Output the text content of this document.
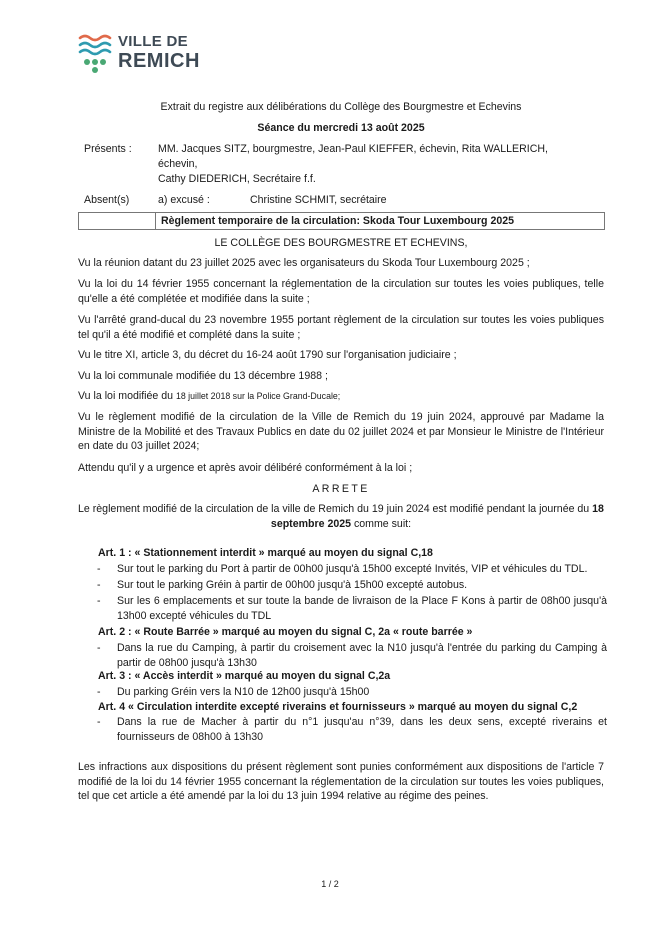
VILLE DE
REMICH
Extrait du registre aux délibérations du Collège des Bourgmestre et Echevins
Séance du mercredi 13 août 2025
Présents : MM. Jacques SITZ, bourgmestre, Jean-Paul KIEFFER, échevin, Rita WALLERICH,
échevin,
Cathy DIEDERICH, Secrétaire f.f.
Absent(s)	a) excusé :	Christine SCHMIT, secrétaire
Règlement temporaire de la circulation: Skoda Tour Luxembourg 2025
LE COLLÈGE DES BOURGMESTRE ET ECHEVINS,
Vu la réunion datant du 23 juillet 2025 avec les organisateurs du Skoda Tour Luxembourg 2025 ;
Vu la loi du 14 février 1955 concernant la réglementation de la circulation sur toutes les voies publiques, telle qu'elle a été complétée et modifiée dans la suite ;
Vu l'arrêté grand-ducal du 23 novembre 1955 portant règlement de la circulation sur toutes les voies publiques tel qu'il a été modifié et complété dans la suite ;
Vu le titre XI, article 3, du décret du 16-24 août 1790 sur l'organisation judiciaire ;
Vu la loi communale modifiée du 13 décembre 1988 ;
Vu la loi modifiée du 18 juillet 2018 sur la Police Grand-Ducale;
Vu le règlement modifié de la circulation de la Ville de Remich du 19 juin 2024, approuvé par Madame la Ministre de la Mobilité et des Travaux Publics en date du 02 juillet 2024 et par Monsieur le Ministre de l'Intérieur en date du 03 juillet 2024;
Attendu qu'il y a urgence et après avoir délibéré conformément à la loi ;
ARRETE
Le règlement modifié de la circulation de la ville de Remich du 19 juin 2024 est modifié pendant la journée du 18 septembre 2025 comme suit:
Art. 1 : « Stationnement interdit » marqué au moyen du signal C,18
- Sur tout le parking du Port à partir de 00h00 jusqu'à 15h00 excepté Invités, VIP et véhicules du TDL.
- Sur tout le parking Gréin à partir de 00h00 jusqu'à 15h00 excepté autobus.
- Sur les 6 emplacements et sur toute la bande de livraison de la Place F Kons à partir de 08h00 jusqu'à 13h00 excepté véhicules du TDL
Art. 2 : « Route Barrée » marqué au moyen du signal C, 2a « route barrée »
- Dans la rue du Camping, à partir du croisement avec la N10 jusqu'à l'entrée du parking du Camping à partir de 08h00 jusqu'à 13h30
Art. 3 : « Accès interdit » marqué au moyen du signal C,2a
- Du parking Gréin vers la N10 de 12h00 jusqu'à 15h00
Art. 4 « Circulation interdite excepté riverains et fournisseurs » marqué au moyen du signal C,2
- Dans la rue de Macher à partir du n°1 jusqu'au n°39, dans les deux sens, excepté riverains et fournisseurs de 08h00 à 13h30
Les infractions aux dispositions du présent règlement sont punies conformément aux dispositions de l'article 7 modifié de la loi du 14 février 1955 concernant la réglementation de la circulation sur toutes les voies publiques, tel que cet article a été amendé par la loi du 13 juin 1994 relative au régime des peines.
1 / 2
